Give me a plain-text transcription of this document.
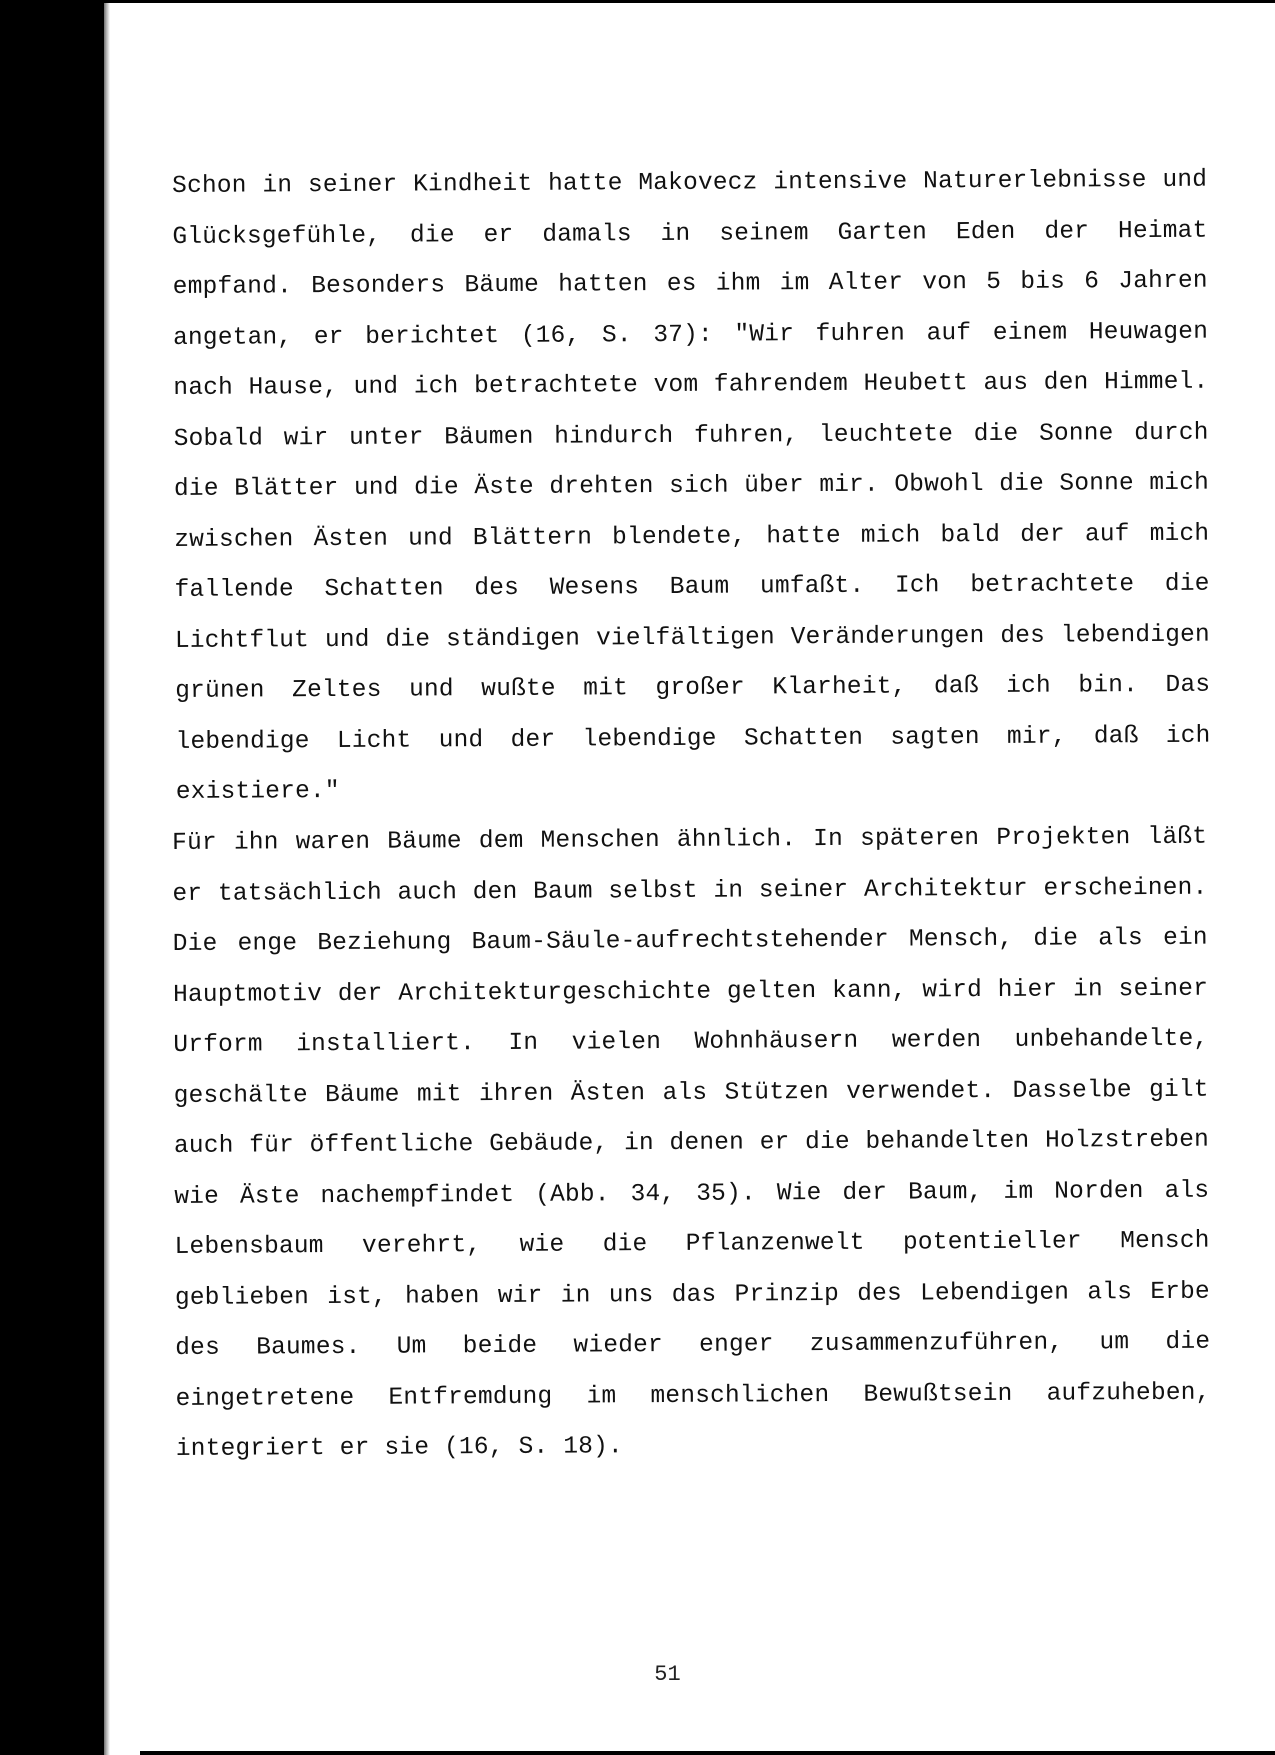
Schon in seiner Kindheit hatte Makovecz intensive Naturerlebnisse und Glücksgefühle, die er damals in seinem Garten Eden der Heimat empfand. Besonders Bäume hatten es ihm im Alter von 5 bis 6 Jahren angetan, er berichtet (16, S. 37): "Wir fuhren auf einem Heuwagen nach Hause, und ich betrachtete vom fahrendem Heubett aus den Himmel. Sobald wir unter Bäumen hindurch fuhren, leuchtete die Sonne durch die Blätter und die Äste drehten sich über mir. Obwohl die Sonne mich zwischen Ästen und Blättern blendete, hatte mich bald der auf mich fallende Schatten des Wesens Baum umfaßt. Ich betrachtete die Lichtflut und die ständigen vielfältigen Veränderungen des lebendigen grünen Zeltes und wußte mit großer Klarheit, daß ich bin. Das lebendige Licht und der lebendige Schatten sagten mir, daß ich existiere."

Für ihn waren Bäume dem Menschen ähnlich. In späteren Projekten läßt er tatsächlich auch den Baum selbst in seiner Architektur erscheinen. Die enge Beziehung Baum-Säule-aufrechtstehender Mensch, die als ein Hauptmotiv der Architekturgeschichte gelten kann, wird hier in seiner Urform installiert. In vielen Wohnhäusern werden unbehandelte, geschälte Bäume mit ihren Ästen als Stützen verwendet. Dasselbe gilt auch für öffentliche Gebäude, in denen er die behandelten Holzstreben wie Äste nachempfindet (Abb. 34, 35). Wie der Baum, im Norden als Lebensbaum verehrt, wie die Pflanzenwelt potentieller Mensch geblieben ist, haben wir in uns das Prinzip des Lebendigen als Erbe des Baumes. Um beide wieder enger zusammenzuführen, um die eingetretene Entfremdung im menschlichen Bewußtsein aufzuheben, integriert er sie (16, S. 18).

51
